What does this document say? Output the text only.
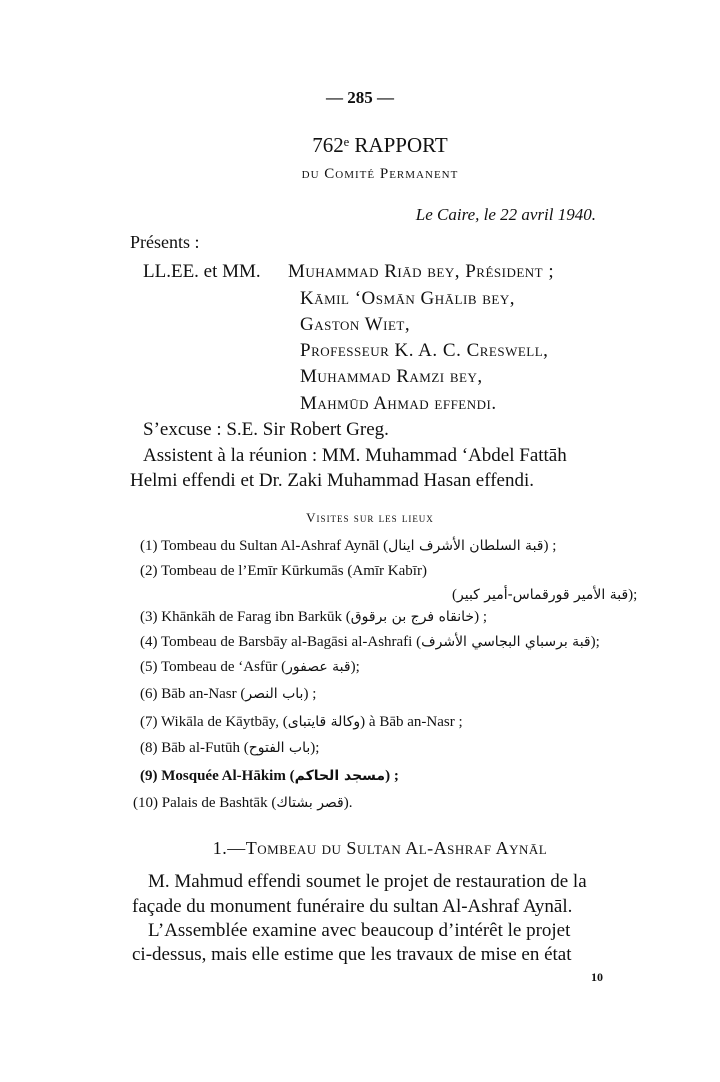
— 285 —
762ᵉ RAPPORT
du Comité Permanent
Le Caire, le 22 avril 1940.
Présents :
LL.EE. et MM. Muhammad Riād bey, Président ;
Kāmil ‘Osmān Ghālib bey,
Gaston Wiet,
Professeur K. A. C. Creswell,
Muhammad Ramzi bey,
Mahmūd Ahmad effendi.
S’excuse : S.E. Sir Robert Greg.
Assistent à la réunion : MM. Muhammad ‘Abdel Fattāh
Helmi effendi et Dr. Zaki Muhammad Hasan effendi.
Visites sur les lieux
(1) Tombeau du Sultan Al-Ashraf Aynāl (قبة السلطان الأشرف اينال) ;
(2) Tombeau de l’Emīr Kūrkumās (Amīr Kabīr)
(قبة الأمير قورقماس-أمير كبير);
(3) Khānkāh de Farag ibn Barkūk (خانقاه فرج بن برقوق) ;
(4) Tombeau de Barsbāy al-Bagāsi al-Ashrafi (قبة برسباي البجاسي الأشرف);
(5) Tombeau de ‘Asfūr (قبة عصفور);
(6) Bāb an-Nasr (باب النصر) ;
(7) Wikāla de Kāytbāy, (وكالة قايتباى) à Bāb an-Nasr ;
(8) Bāb al-Futūh (باب الفتوح);
(9) Mosquée Al-Hākim (مسجد الحاكم) ;
(10) Palais de Bashtāk (قصر بشتاك).
1.—Tombeau du Sultan Al-Ashraf Aynāl
M. Mahmud effendi soumet le projet de restauration de la
façade du monument funéraire du sultan Al-Ashraf Aynāl.
L’Assemblée examine avec beaucoup d’intérêt le projet
ci-dessus, mais elle estime que les travaux de mise en état
10
